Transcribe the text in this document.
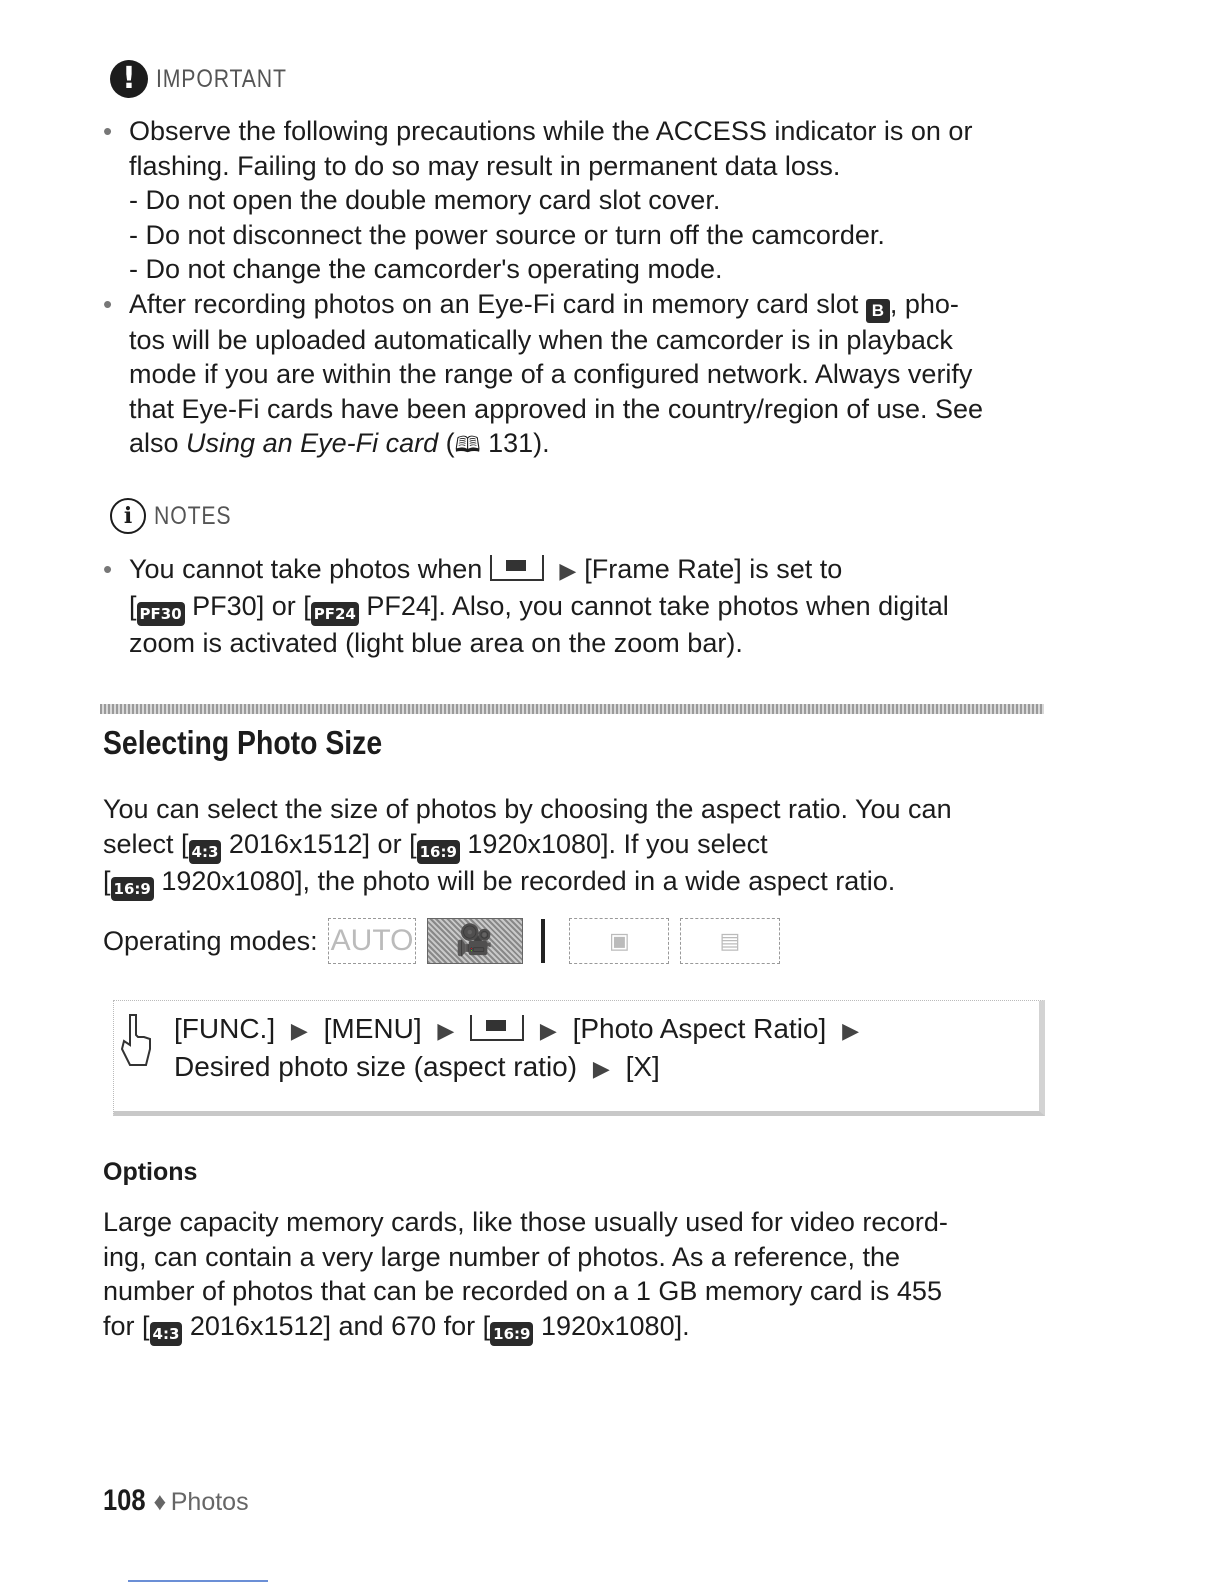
! IMPORTANT
• Observe the following precautions while the ACCESS indicator is on or
flashing. Failing to do so may result in permanent data loss.
- Do not open the double memory card slot cover.
- Do not disconnect the power source or turn off the camcorder.
- Do not change the camcorder's operating mode.
• After recording photos on an Eye-Fi card in memory card slot B , pho-
tos will be uploaded automatically when the camcorder is in playback
mode if you are within the range of a configured network. Always verify
that Eye-Fi cards have been approved in the country/region of use. See
also Using an Eye-Fi card (🕮 131).
i NOTES
• You cannot take photos when	▶ [Frame Rate] is set to
[ PF30 PF30] or [ PF24 PF24]. Also, you cannot take photos when digital
zoom is activated (light blue area on the zoom bar).
Selecting Photo Size
You can select the size of photos by choosing the aspect ratio. You can
select [ 4:3 2016x1512] or [ 16:9 1920x1080]. If you select
[ 16:9 1920x1080], the photo will be recorded in a wide aspect ratio.
Operating modes: AUTO 🎥	▣	▤
[FUNC.] ▶ [MENU] ▶	▶ [Photo Aspect Ratio] ▶
Desired photo size (aspect ratio) ▶ [X]
Options
Large capacity memory cards, like those usually used for video record-
ing, can contain a very large number of photos. As a reference, the
number of photos that can be recorded on a 1 GB memory card is 455
for [ 4:3 2016x1512] and 670 for [ 16:9 1920x1080].
108 ♦ Photos
